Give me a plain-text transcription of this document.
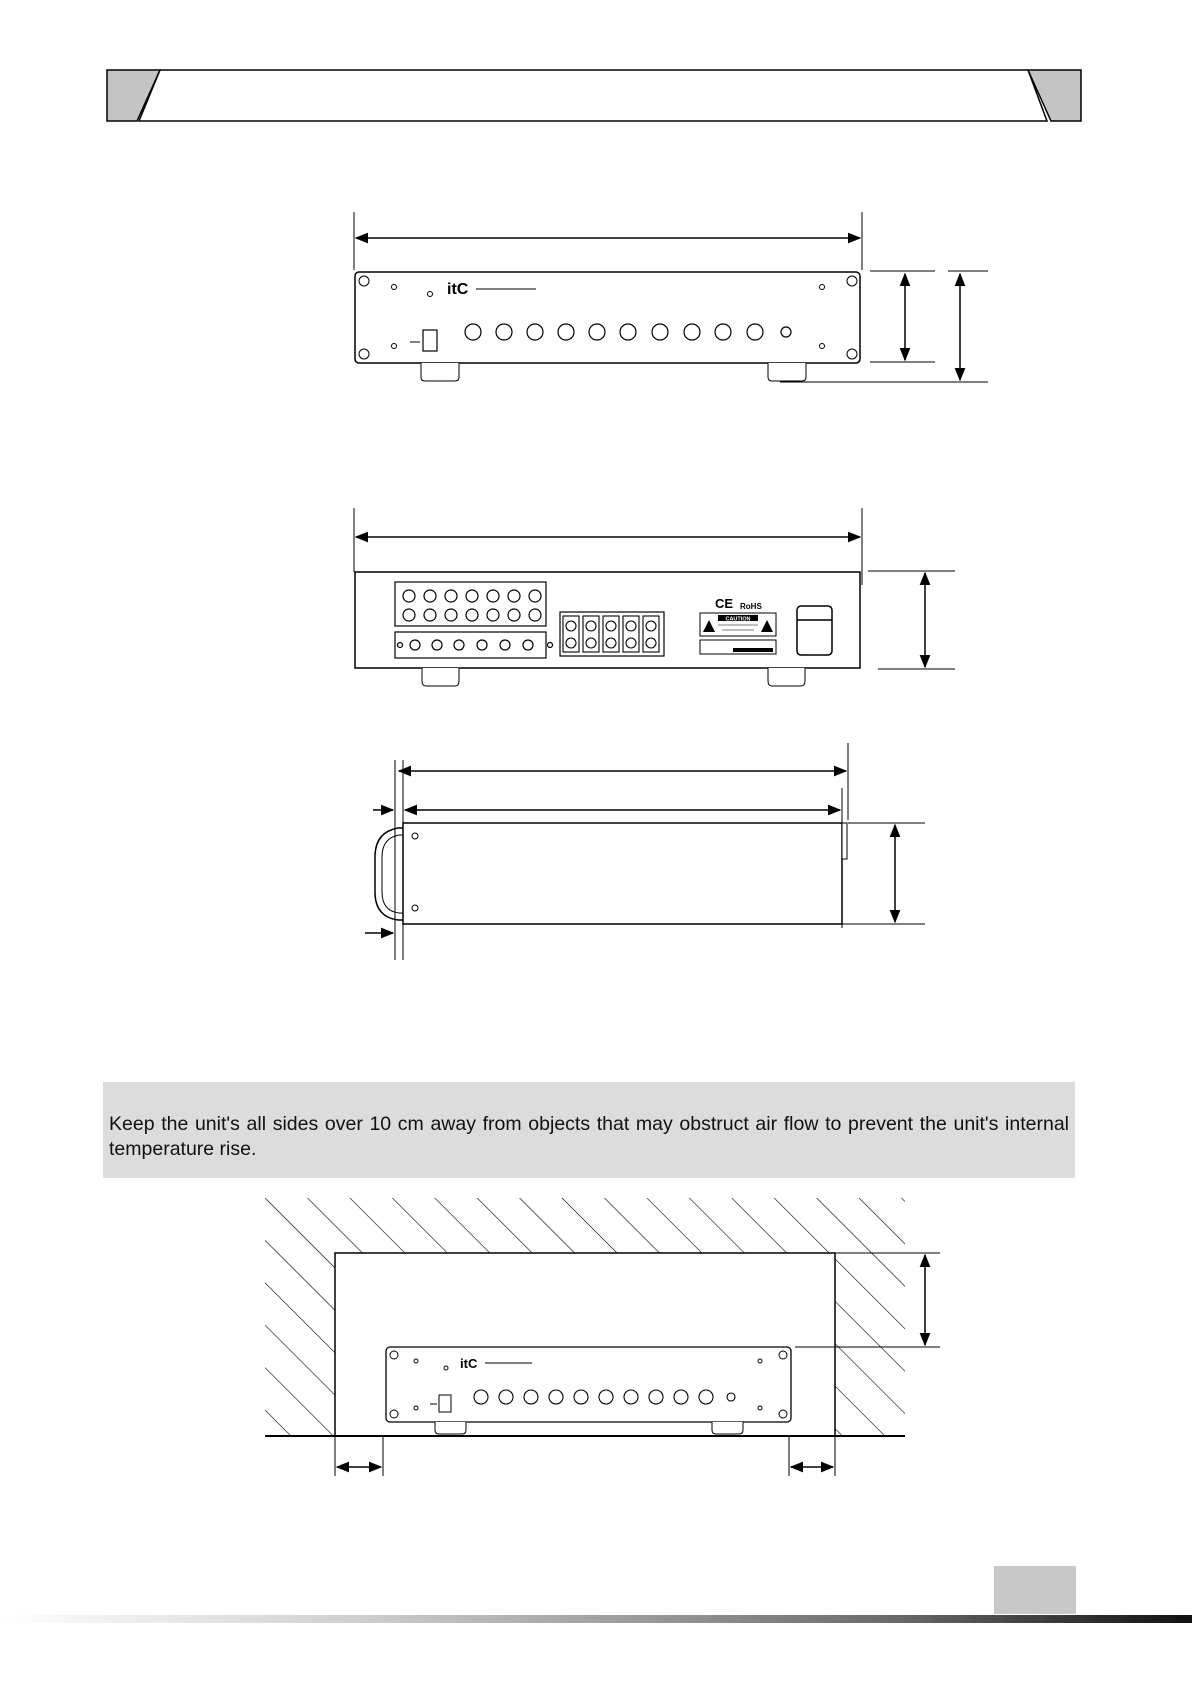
itC
CE RoHS
CAUTION
Keep the unit's all sides over 10 cm away from objects that may obstruct air flow to prevent the unit's internal temperature rise.
itC
